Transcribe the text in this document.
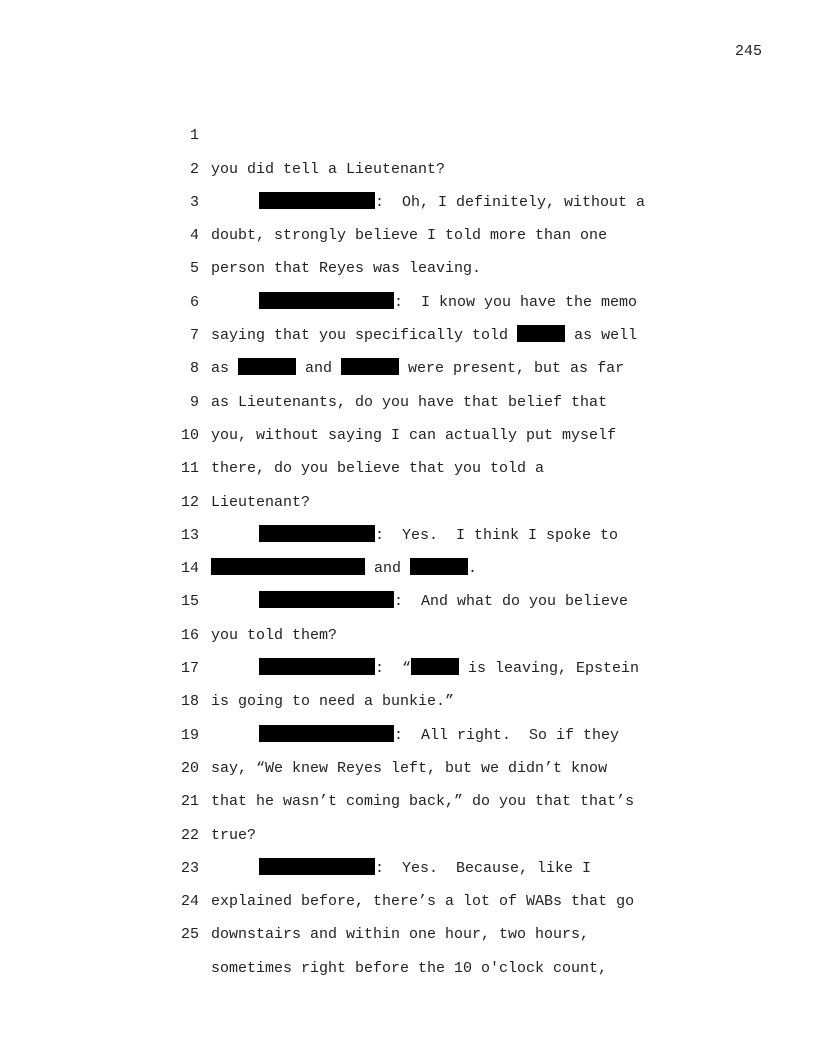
245

1

you did tell a Lieutenant?

2

:  Oh, I definitely, without a

3

doubt, strongly believe I told more than one

4

person that Reyes was leaving.

5

:  I know you have the memo

6

saying that you specifically told	as well

7

as	and	were present, but as far

8

as Lieutenants, do you have that belief that

9

you, without saying I can actually put myself

10

there, do you believe that you told a

11

Lieutenant?

12

:  Yes.  I think I spoke to

13

and	.

14

:  And what do you believe

15

you told them?

16

:  “	is leaving, Epstein

17

is going to need a bunkie.”

18

:  All right.  So if they

19

say, “We knew Reyes left, but we didn’t know

20

that he wasn’t coming back,” do you that that’s

21

true?

22

:  Yes.  Because, like I

23

explained before, there’s a lot of WABs that go

24

downstairs and within one hour, two hours,

25

sometimes right before the 10 o'clock count,
